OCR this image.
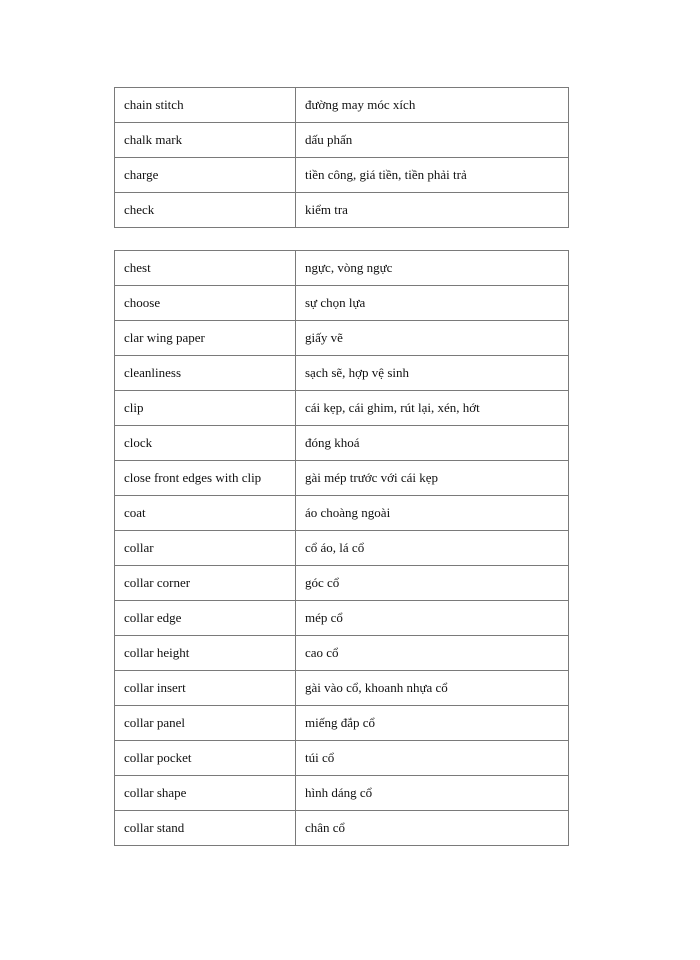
chain stitch	đường may móc xích
chalk mark	dấu phấn
charge	tiền công, giá tiền, tiền phải trả
check	kiểm tra
chest	ngực, vòng ngực
choose	sự chọn lựa
clar wing paper	giấy vẽ
cleanliness	sạch sẽ, hợp vệ sinh
clip	cái kẹp, cái ghim, rút lại, xén, hớt
clock	đóng khoá
close front edges with clip	gài mép trước với cái kẹp
coat	áo choàng ngoài
collar	cổ áo, lá cổ
collar corner	góc cổ
collar edge	mép cổ
collar height	cao cổ
collar insert	gài vào cổ, khoanh nhựa cổ
collar panel	miếng đắp cổ
collar pocket	túi cổ
collar shape	hình dáng cổ
collar stand	chân cổ
